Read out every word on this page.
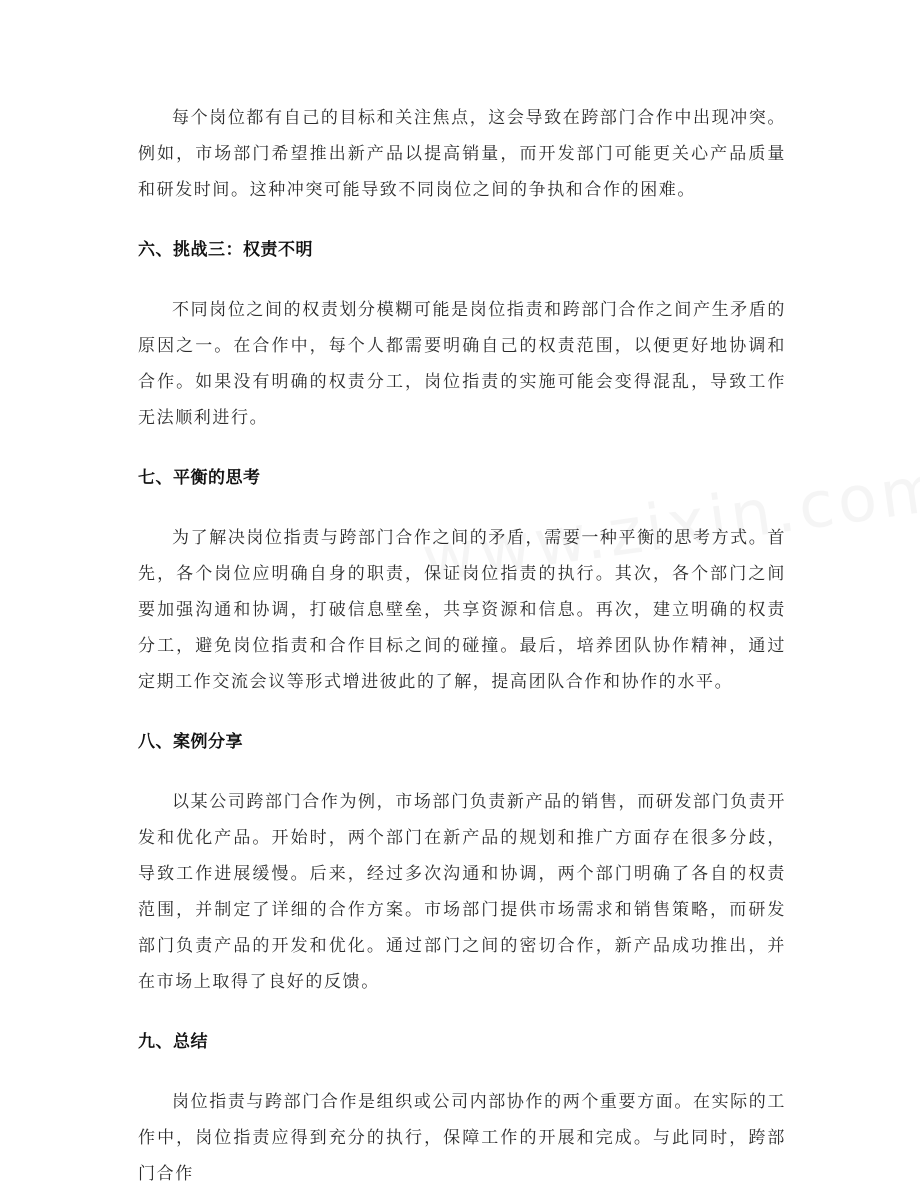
每个岗位都有自己的目标和关注焦点，这会导致在跨部门合作中出现冲突。例如，市场部门希望推出新产品以提高销量，而开发部门可能更关心产品质量和研发时间。这种冲突可能导致不同岗位之间的争执和合作的困难。

六、挑战三：权责不明

不同岗位之间的权责划分模糊可能是岗位指责和跨部门合作之间产生矛盾的原因之一。在合作中，每个人都需要明确自己的权责范围，以便更好地协调和合作。如果没有明确的权责分工，岗位指责的实施可能会变得混乱，导致工作无法顺利进行。

七、平衡的思考

为了解决岗位指责与跨部门合作之间的矛盾，需要一种平衡的思考方式。首先，各个岗位应明确自身的职责，保证岗位指责的执行。其次，各个部门之间要加强沟通和协调，打破信息壁垒，共享资源和信息。再次，建立明确的权责分工，避免岗位指责和合作目标之间的碰撞。最后，培养团队协作精神，通过定期工作交流会议等形式增进彼此的了解，提高团队合作和协作的水平。

八、案例分享

以某公司跨部门合作为例，市场部门负责新产品的销售，而研发部门负责开发和优化产品。开始时，两个部门在新产品的规划和推广方面存在很多分歧，导致工作进展缓慢。后来，经过多次沟通和协调，两个部门明确了各自的权责范围，并制定了详细的合作方案。市场部门提供市场需求和销售策略，而研发部门负责产品的开发和优化。通过部门之间的密切合作，新产品成功推出，并在市场上取得了良好的反馈。

九、总结

岗位指责与跨部门合作是组织或公司内部协作的两个重要方面。在实际的工作中，岗位指责应得到充分的执行，保障工作的开展和完成。与此同时，跨部门合作
